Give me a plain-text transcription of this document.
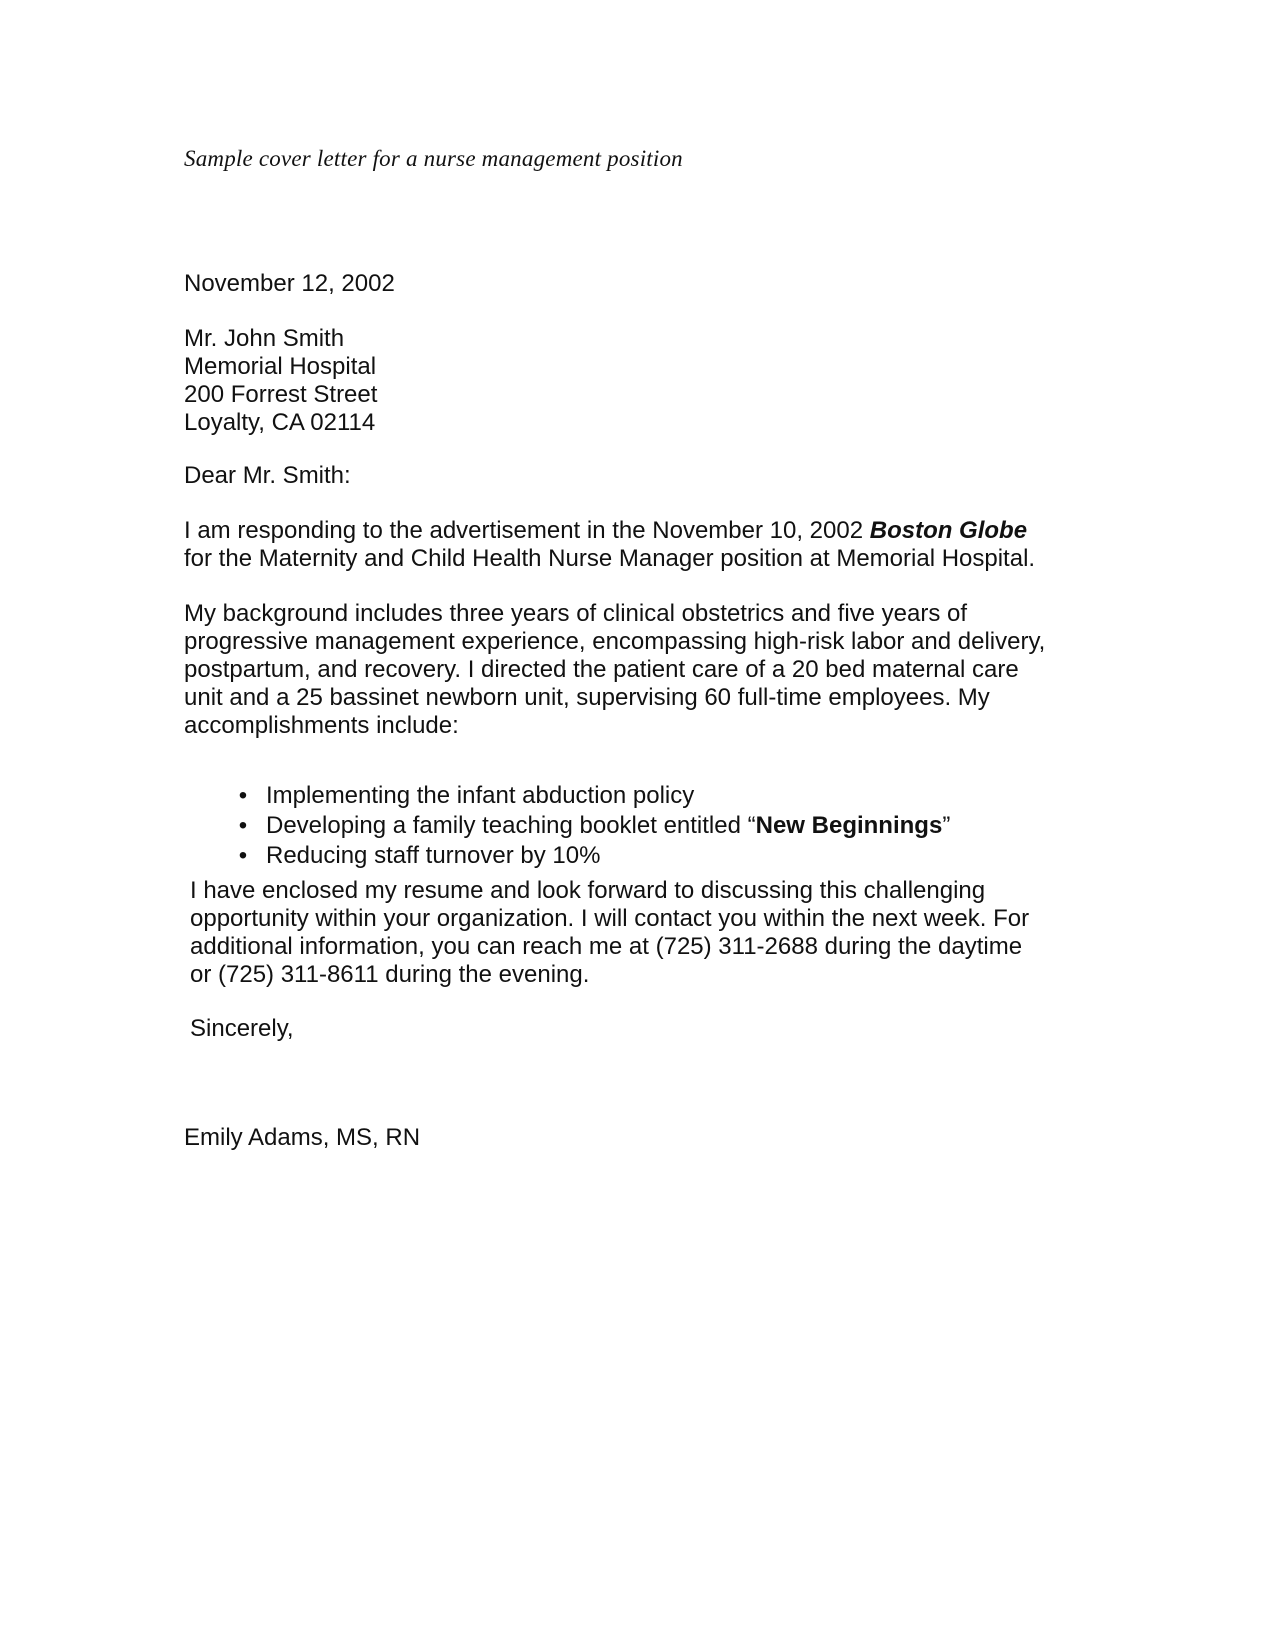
Sample cover letter for a nurse management position
November 12, 2002
Mr. John Smith
Memorial Hospital
200 Forrest Street
Loyalty, CA 02114
Dear Mr. Smith:
I am responding to the advertisement in the November 10, 2002 Boston Globe
for the Maternity and Child Health Nurse Manager position at Memorial Hospital.
My background includes three years of clinical obstetrics and five years of
progressive management experience, encompassing high-risk labor and delivery,
postpartum, and recovery. I directed the patient care of a 20 bed maternal care
unit and a 25 bassinet newborn unit, supervising 60 full-time employees. My
accomplishments include:
• Implementing the infant abduction policy
• Developing a family teaching booklet entitled “New Beginnings”
• Reducing staff turnover by 10%
I have enclosed my resume and look forward to discussing this challenging
opportunity within your organization. I will contact you within the next week. For
additional information, you can reach me at (725) 311-2688 during the daytime
or (725) 311-8611 during the evening.
Sincerely,
Emily Adams, MS, RN
